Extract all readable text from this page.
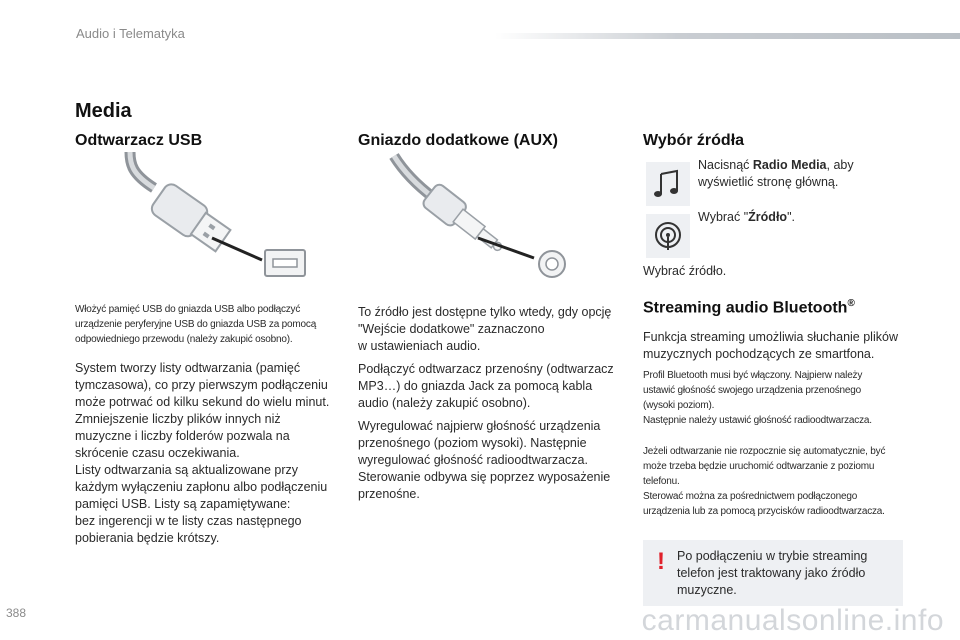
Audio i Telematyka
Media
Odtwarzacz USB
Włożyć pamięć USB do gniazda USB albo podłączyć
urządzenie peryferyjne USB do gniazda USB za pomocą
odpowiedniego przewodu (należy zakupić osobno).
System tworzy listy odtwarzania (pamięć
tymczasowa), co przy pierwszym podłączeniu
może potrwać od kilku sekund do wielu minut.
Zmniejszenie liczby plików innych niż
muzyczne i liczby folderów pozwala na
skrócenie czasu oczekiwania.
Listy odtwarzania są aktualizowane przy
każdym wyłączeniu zapłonu albo podłączeniu
pamięci USB. Listy są zapamiętywane:
bez ingerencji w te listy czas następnego
pobierania będzie krótszy.
Gniazdo dodatkowe (AUX)
To źródło jest dostępne tylko wtedy, gdy opcję
"Wejście dodatkowe" zaznaczono
w ustawieniach audio.
Podłączyć odtwarzacz przenośny (odtwarzacz
MP3…) do gniazda Jack za pomocą kabla
audio (należy zakupić osobno).
Wyregulować najpierw głośność urządzenia
przenośnego (poziom wysoki). Następnie
wyregulować głośność radioodtwarzacza.
Sterowanie odbywa się poprzez wyposażenie
przenośne.
Wybór źródła
Nacisnąć Radio Media, aby
wyświetlić stronę główną.
Wybrać "Źródło".
Wybrać źródło.
Streaming audio Bluetooth®
Funkcja streaming umożliwia słuchanie plików
muzycznych pochodzących ze smartfona.
Profil Bluetooth musi być włączony. Najpierw należy
ustawić głośność swojego urządzenia przenośnego
(wysoki poziom).
Następnie należy ustawić głośność radioodtwarzacza.
Jeżeli odtwarzanie nie rozpocznie się automatycznie, być
może trzeba będzie uruchomić odtwarzanie z poziomu
telefonu.
Sterować można za pośrednictwem podłączonego
urządzenia lub za pomocą przycisków radioodtwarzacza.
! Po podłączeniu w trybie streaming
telefon jest traktowany jako źródło
muzyczne.
388	carmanualsonline.info
